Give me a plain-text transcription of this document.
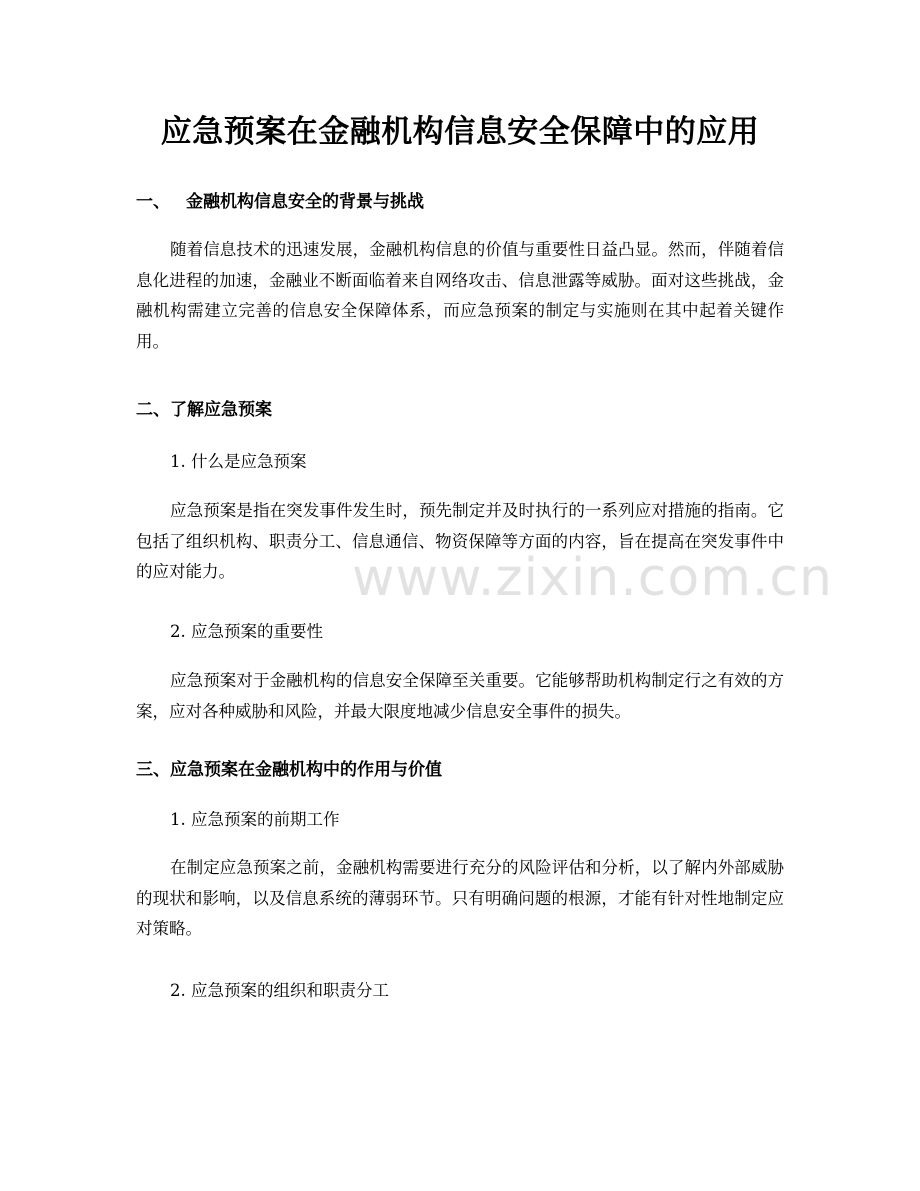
应急预案在金融机构信息安全保障中的应用
一、 金融机构信息安全的背景与挑战

随着信息技术的迅速发展，金融机构信息的价值与重要性日益凸显。然而，伴随着信息化进程的加速，金融业不断面临着来自网络攻击、信息泄露等威胁。面对这些挑战，金融机构需建立完善的信息安全保障体系，而应急预案的制定与实施则在其中起着关键作用。

二、了解应急预案

1. 什么是应急预案

应急预案是指在突发事件发生时，预先制定并及时执行的一系列应对措施的指南。它包括了组织机构、职责分工、信息通信、物资保障等方面的内容，旨在提高在突发事件中的应对能力。

2. 应急预案的重要性

应急预案对于金融机构的信息安全保障至关重要。它能够帮助机构制定行之有效的方案，应对各种威胁和风险，并最大限度地减少信息安全事件的损失。

三、应急预案在金融机构中的作用与价值

1. 应急预案的前期工作

在制定应急预案之前，金融机构需要进行充分的风险评估和分析，以了解内外部威胁的现状和影响，以及信息系统的薄弱环节。只有明确问题的根源，才能有针对性地制定应对策略。

2. 应急预案的组织和职责分工

www.zixin.com.cn
